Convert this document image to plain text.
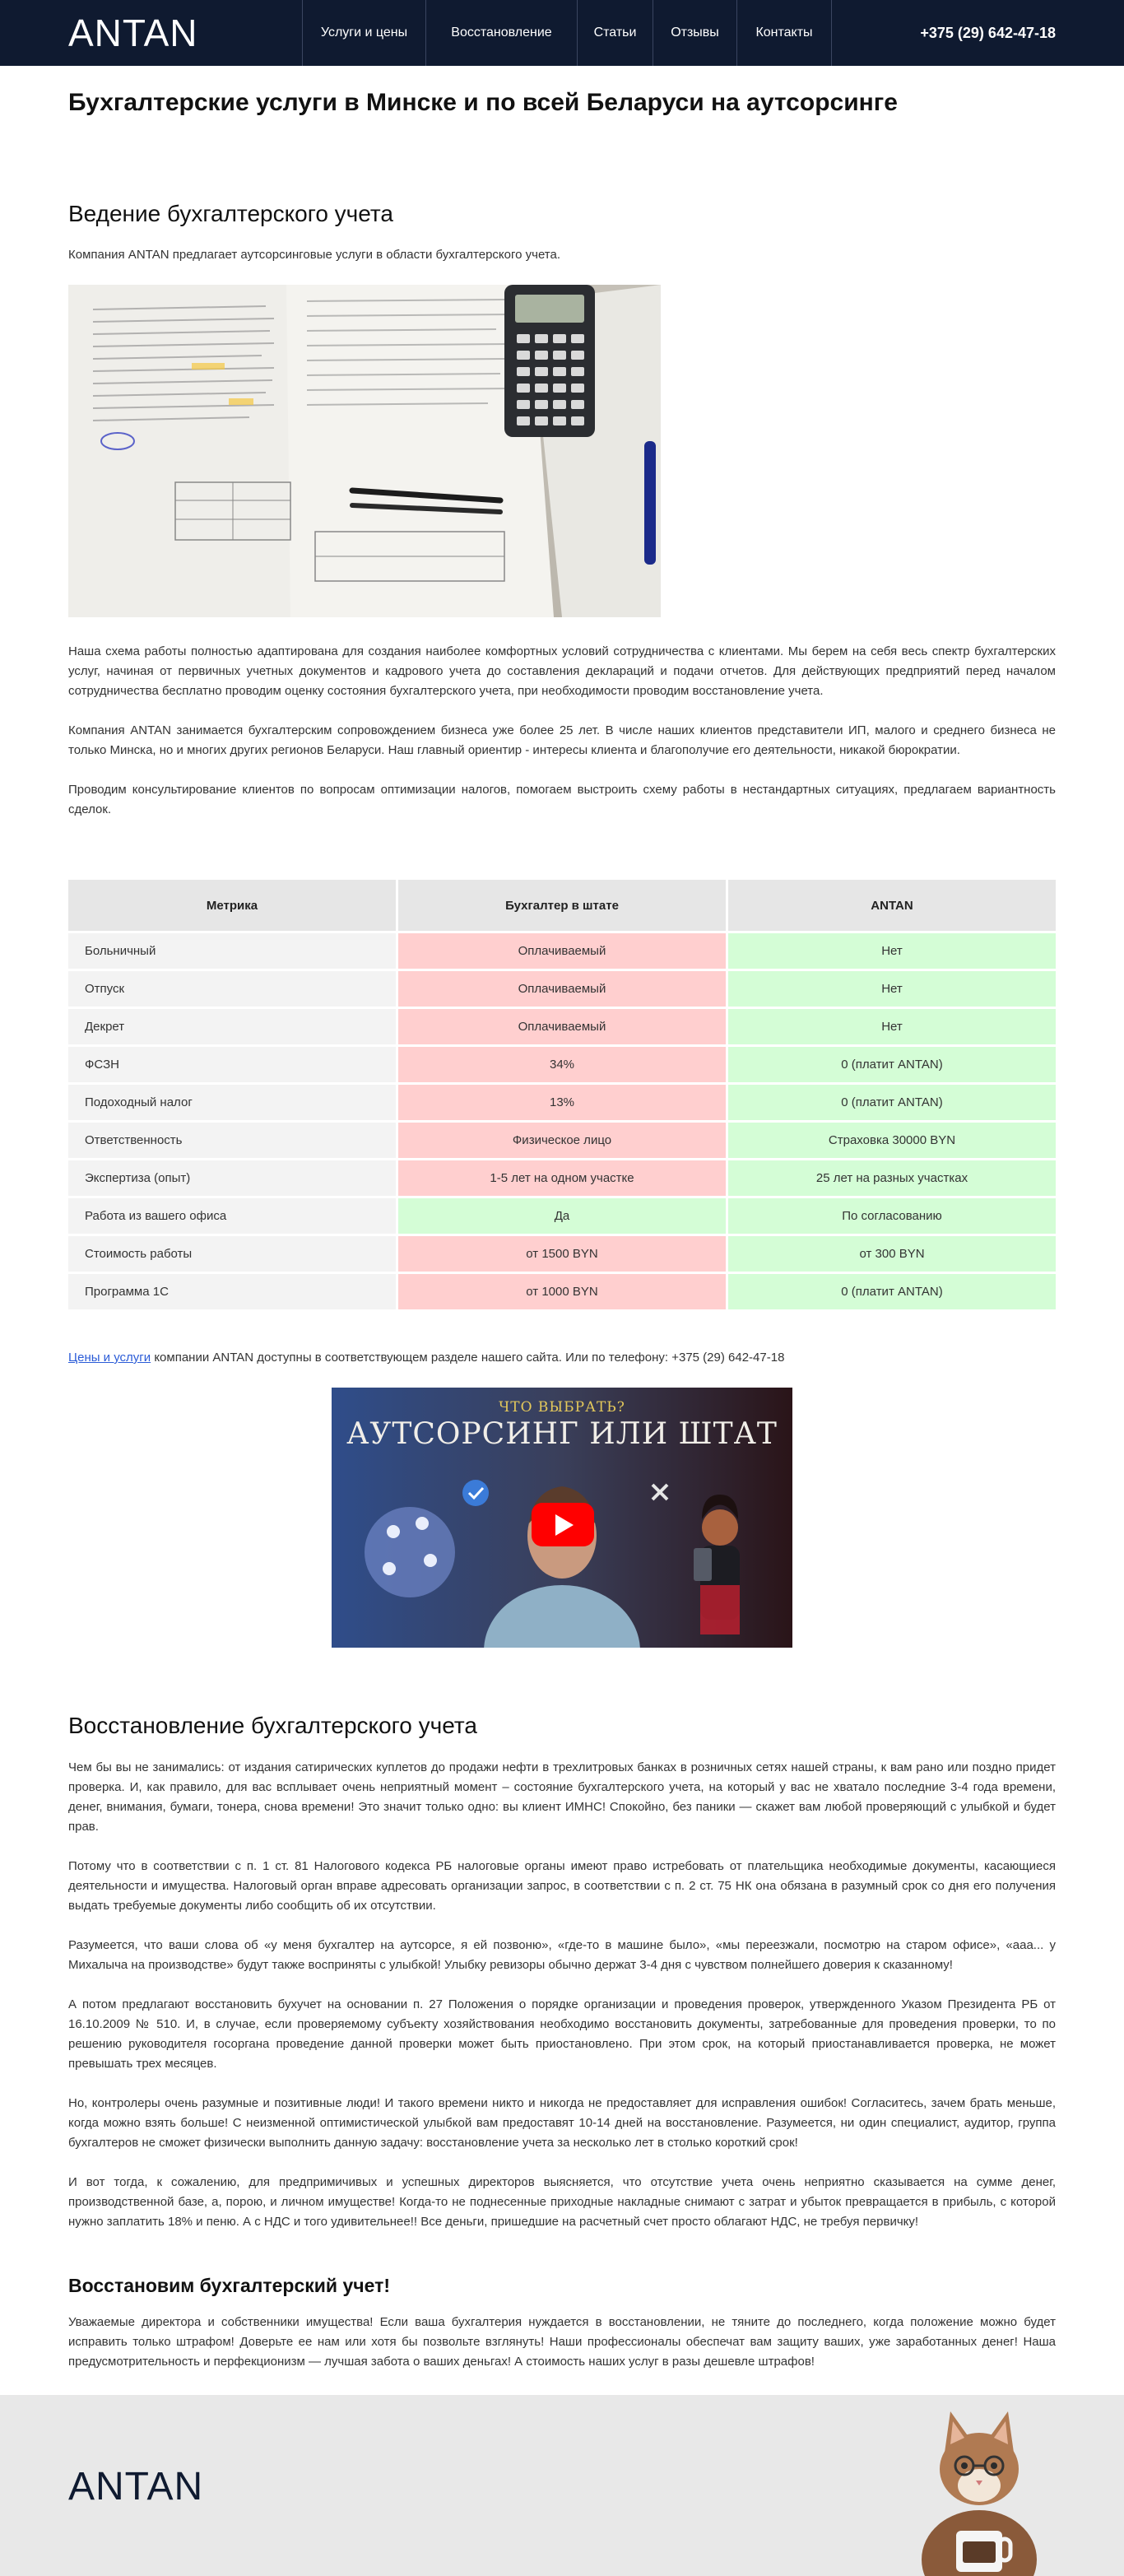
ANTAN	Услуги и цены	Восстановление	Статьи	Отзывы	Контакты	+375 (29) 642-47-18
Бухгалтерские услуги в Минске и по всей Беларуси на аутсорсинге
Ведение бухгалтерского учета

Компания ANTAN предлагает аутсорсинговые услуги в области бухгалтерского учета.

Наша схема работы полностью адаптирована для создания наиболее комфортных условий сотрудничества с клиентами. Мы берем на себя весь спектр бухгалтерских услуг, начиная от первичных учетных документов и кадрового учета до составления деклараций и подачи отчетов. Для действующих предприятий перед началом сотрудничества бесплатно проводим оценку состояния бухгалтерского учета, при необходимости проводим восстановление учета.

Компания ANTAN занимается бухгалтерским сопровождением бизнеса уже более 25 лет. В числе наших клиентов представители ИП, малого и среднего бизнеса не только Минска, но и многих других регионов Беларуси. Наш главный ориентир - интересы клиента и благополучие его деятельности, никакой бюрократии.

Проводим консультирование клиентов по вопросам оптимизации налогов, помогаем выстроить схему работы в нестандартных ситуациях, предлагаем вариантность сделок.

Метрика	Бухгалтер в штате	ANTAN
Больничный	Оплачиваемый	Нет
Отпуск	Оплачиваемый	Нет
Декрет	Оплачиваемый	Нет
ФСЗН	34%	0 (платит ANTAN)
Подоходный налог	13%	0 (платит ANTAN)
Ответственность	Физическое лицо	Страховка 30000 BYN
Экспертиза (опыт)	1-5 лет на одном участке	25 лет на разных участках
Работа из вашего офиса	Да	По согласованию
Стоимость работы	от 1500 BYN	от 300 BYN
Программа 1С	от 1000 BYN	0 (платит ANTAN)

Цены и услуги компании ANTAN доступны в соответствующем разделе нашего сайта. Или по телефону: +375 (29) 642-47-18

ЧТО ВЫБРАТЬ?
АУТСОРСИНГ ИЛИ ШТАТ
Восстановление бухгалтерского учета

Чем бы вы не занимались: от издания сатирических куплетов до продажи нефти в трехлитровых банках в розничных сетях нашей страны, к вам рано или поздно придет проверка. И, как правило, для вас всплывает очень неприятный момент – состояние бухгалтерского учета, на который у вас не хватало последние 3-4 года времени, денег, внимания, бумаги, тонера, снова времени! Это значит только одно: вы клиент ИМНС! Спокойно, без паники — скажет вам любой проверяющий с улыбкой и будет прав.

Потому что в соответствии с п. 1 ст. 81 Налогового кодекса РБ налоговые органы имеют право истребовать от плательщика необходимые документы, касающиеся деятельности и имущества. Налоговый орган вправе адресовать организации запрос, в соответствии с п. 2 ст. 75 НК она обязана в разумный срок со дня его получения выдать требуемые документы либо сообщить об их отсутствии.

Разумеется, что ваши слова об «у меня бухгалтер на аутсорсе, я ей позвоню», «где-то в машине было», «мы переезжали, посмотрю на старом офисе», «ааа... у Михалыча на производстве» будут также восприняты с улыбкой! Улыбку ревизоры обычно держат 3-4 дня с чувством полнейшего доверия к сказанному!

А потом предлагают восстановить бухучет на основании п. 27 Положения о порядке организации и проведения проверок, утвержденного Указом Президента РБ от 16.10.2009 № 510. И, в случае, если проверяемому субъекту хозяйствования необходимо восстановить документы, затребованные для проведения проверки, то по решению руководителя госоргана проведение данной проверки может быть приостановлено. При этом срок, на который приостанавливается проверка, не может превышать трех месяцев.

Но, контролеры очень разумные и позитивные люди! И такого времени никто и никогда не предоставляет для исправления ошибок! Согласитесь, зачем брать меньше, когда можно взять больше! С неизменной оптимистической улыбкой вам предоставят 10-14 дней на восстановление. Разумеется, ни один специалист, аудитор, группа бухгалтеров не сможет физически выполнить данную задачу: восстановление учета за несколько лет в столько короткий срок!

И вот тогда, к сожалению, для предпримичивых и успешных директоров выясняется, что отсутствие учета очень неприятно сказывается на сумме денег, производственной базе, а, порою, и личном имуществе! Когда-то не поднесенные приходные накладные снимают с затрат и убыток превращается в прибыль, с которой нужно заплатить 18% и пеню. А с НДС и того удивительнее!! Все деньги, пришедшие на расчетный счет просто облагают НДС, не требуя первичку!

Восстановим бухгалтерский учет!

Уважаемые директора и собственники имущества! Если ваша бухгалтерия нуждается в восстановлении, не тяните до последнего, когда положение можно будет исправить только штрафом! Доверьте ее нам или хотя бы позвольте взглянуть! Наши профессионалы обеспечат вам защиту ваших, уже заработанных денег! Наша предусмотрительность и перфекционизм — лучшая забота о ваших деньгах! А стоимость наших услуг в разы дешевле штрафов!

ANTAN
